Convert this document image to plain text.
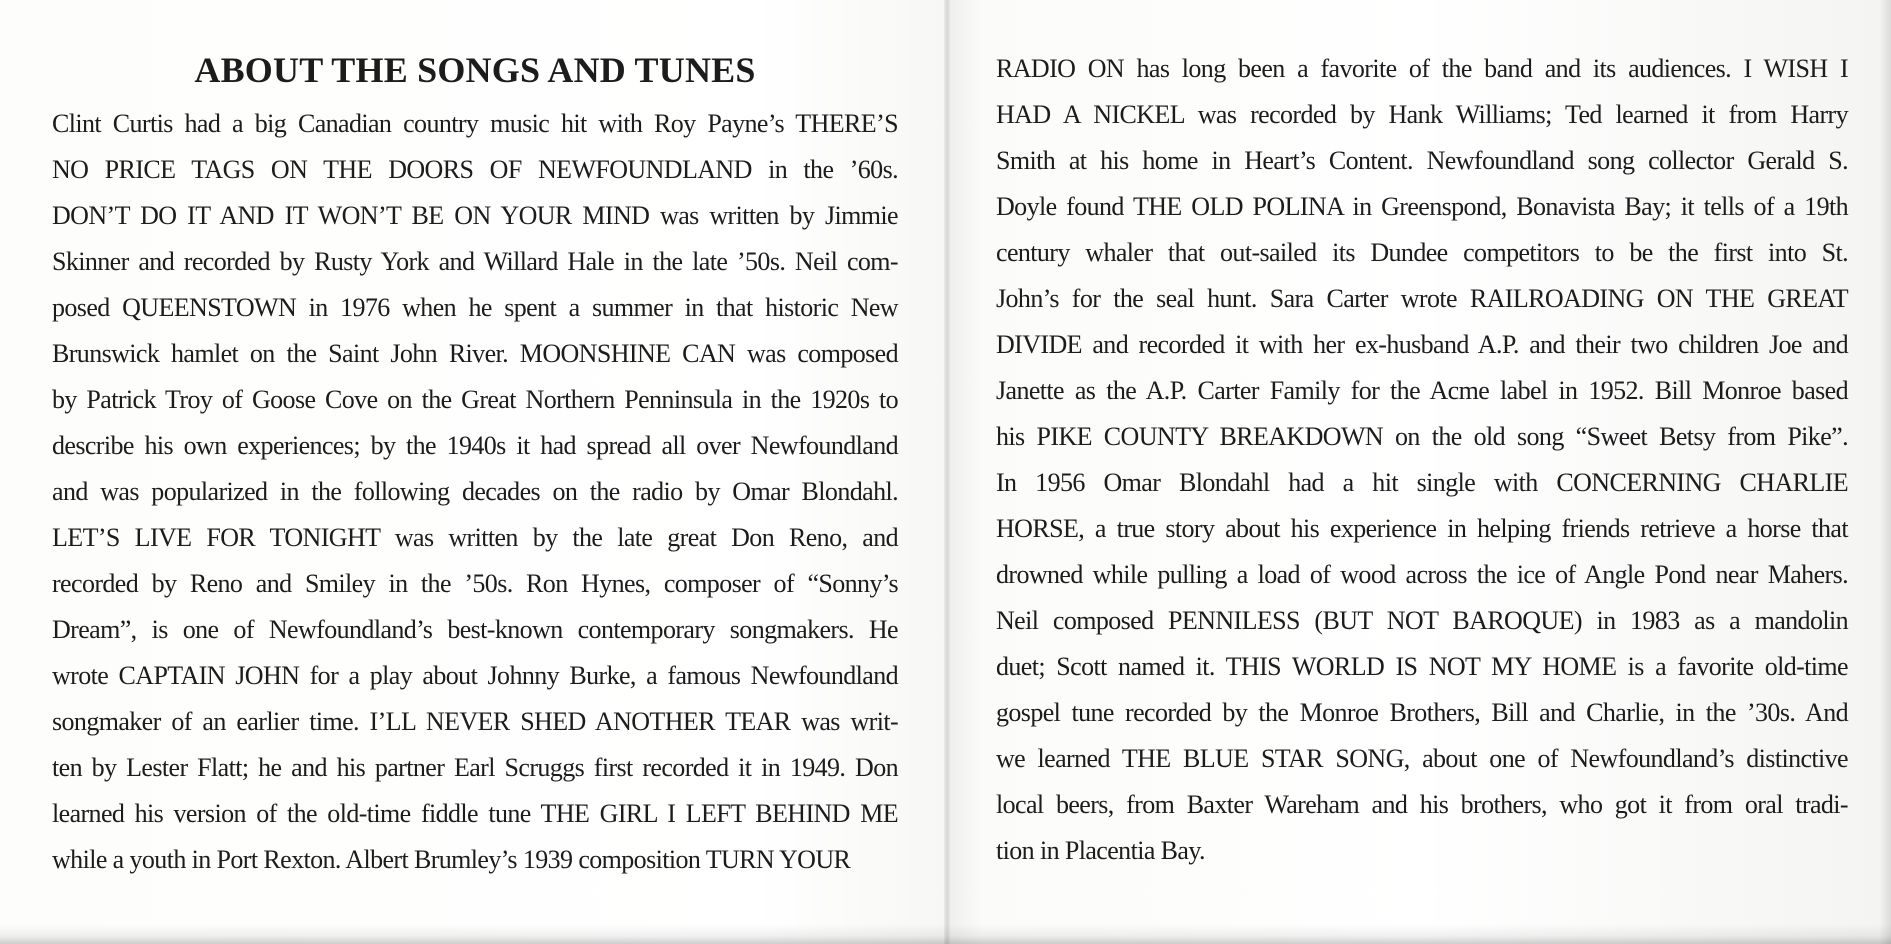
ABOUT THE SONGS AND TUNES
Clint Curtis had a big Canadian country music hit with Roy Payne’s THERE’S
NO PRICE TAGS ON THE DOORS OF NEWFOUNDLAND in the ’60s.
DON’T DO IT AND IT WON’T BE ON YOUR MIND was written by Jimmie
Skinner and recorded by Rusty York and Willard Hale in the late ’50s. Neil com-
posed QUEENSTOWN in 1976 when he spent a summer in that historic New
Brunswick hamlet on the Saint John River. MOONSHINE CAN was composed
by Patrick Troy of Goose Cove on the Great Northern Penninsula in the 1920s to
describe his own experiences; by the 1940s it had spread all over Newfoundland
and was popularized in the following decades on the radio by Omar Blondahl.
LET’S LIVE FOR TONIGHT was written by the late great Don Reno, and
recorded by Reno and Smiley in the ’50s. Ron Hynes, composer of “Sonny’s
Dream”, is one of Newfoundland’s best-known contemporary songmakers. He
wrote CAPTAIN JOHN for a play about Johnny Burke, a famous Newfoundland
songmaker of an earlier time. I’LL NEVER SHED ANOTHER TEAR was writ-
ten by Lester Flatt; he and his partner Earl Scruggs first recorded it in 1949. Don
learned his version of the old-time fiddle tune THE GIRL I LEFT BEHIND ME
while a youth in Port Rexton. Albert Brumley’s 1939 composition TURN YOUR
RADIO ON has long been a favorite of the band and its audiences. I WISH I
HAD A NICKEL was recorded by Hank Williams; Ted learned it from Harry
Smith at his home in Heart’s Content. Newfoundland song collector Gerald S.
Doyle found THE OLD POLINA in Greenspond, Bonavista Bay; it tells of a 19th
century whaler that out-sailed its Dundee competitors to be the first into St.
John’s for the seal hunt. Sara Carter wrote RAILROADING ON THE GREAT
DIVIDE and recorded it with her ex-husband A.P. and their two children Joe and
Janette as the A.P. Carter Family for the Acme label in 1952. Bill Monroe based
his PIKE COUNTY BREAKDOWN on the old song “Sweet Betsy from Pike”.
In 1956 Omar Blondahl had a hit single with CONCERNING CHARLIE
HORSE, a true story about his experience in helping friends retrieve a horse that
drowned while pulling a load of wood across the ice of Angle Pond near Mahers.
Neil composed PENNILESS (BUT NOT BAROQUE) in 1983 as a mandolin
duet; Scott named it. THIS WORLD IS NOT MY HOME is a favorite old-time
gospel tune recorded by the Monroe Brothers, Bill and Charlie, in the ’30s. And
we learned THE BLUE STAR SONG, about one of Newfoundland’s distinctive
local beers, from Baxter Wareham and his brothers, who got it from oral tradi-
tion in Placentia Bay.
